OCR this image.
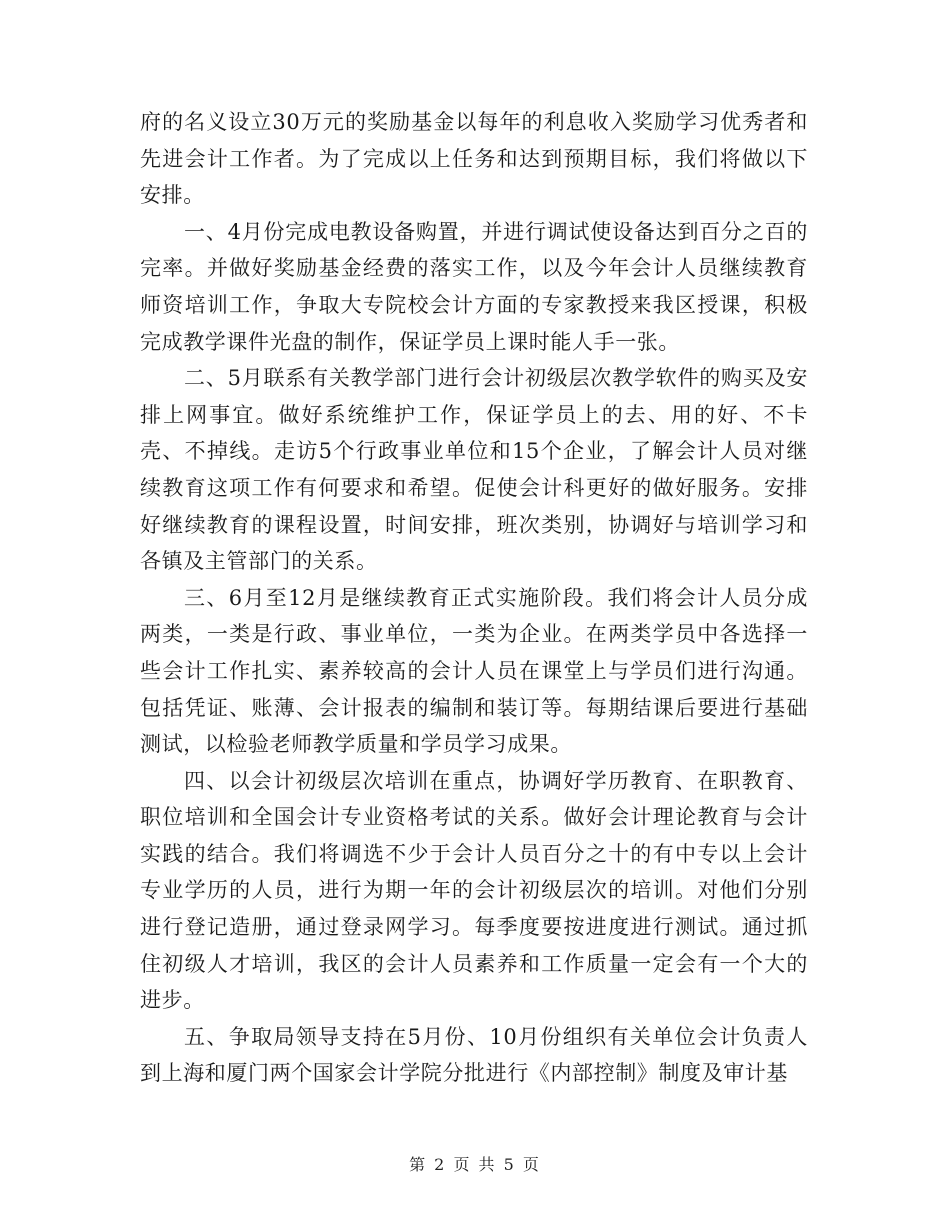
府的名义设立30万元的奖励基金以每年的利息收入奖励学习优秀者和先进会计工作者。为了完成以上任务和达到预期目标，我们将做以下安排。

一、4月份完成电教设备购置，并进行调试使设备达到百分之百的完率。并做好奖励基金经费的落实工作，以及今年会计人员继续教育师资培训工作，争取大专院校会计方面的专家教授来我区授课，积极完成教学课件光盘的制作，保证学员上课时能人手一张。

二、5月联系有关教学部门进行会计初级层次教学软件的购买及安排上网事宜。做好系统维护工作，保证学员上的去、用的好、不卡壳、不掉线。走访5个行政事业单位和15个企业，了解会计人员对继续教育这项工作有何要求和希望。促使会计科更好的做好服务。安排好继续教育的课程设置，时间安排，班次类别，协调好与培训学习和各镇及主管部门的关系。

三、6月至12月是继续教育正式实施阶段。我们将会计人员分成两类，一类是行政、事业单位，一类为企业。在两类学员中各选择一些会计工作扎实、素养较高的会计人员在课堂上与学员们进行沟通。包括凭证、账薄、会计报表的编制和装订等。每期结课后要进行基础测试，以检验老师教学质量和学员学习成果。

四、以会计初级层次培训在重点，协调好学历教育、在职教育、职位培训和全国会计专业资格考试的关系。做好会计理论教育与会计实践的结合。我们将调选不少于会计人员百分之十的有中专以上会计专业学历的人员，进行为期一年的会计初级层次的培训。对他们分别进行登记造册，通过登录网学习。每季度要按进度进行测试。通过抓住初级人才培训，我区的会计人员素养和工作质量一定会有一个大的进步。

五、争取局领导支持在5月份、10月份组织有关单位会计负责人到上海和厦门两个国家会计学院分批进行《内部控制》制度及审计基

第 2 页 共 5 页
